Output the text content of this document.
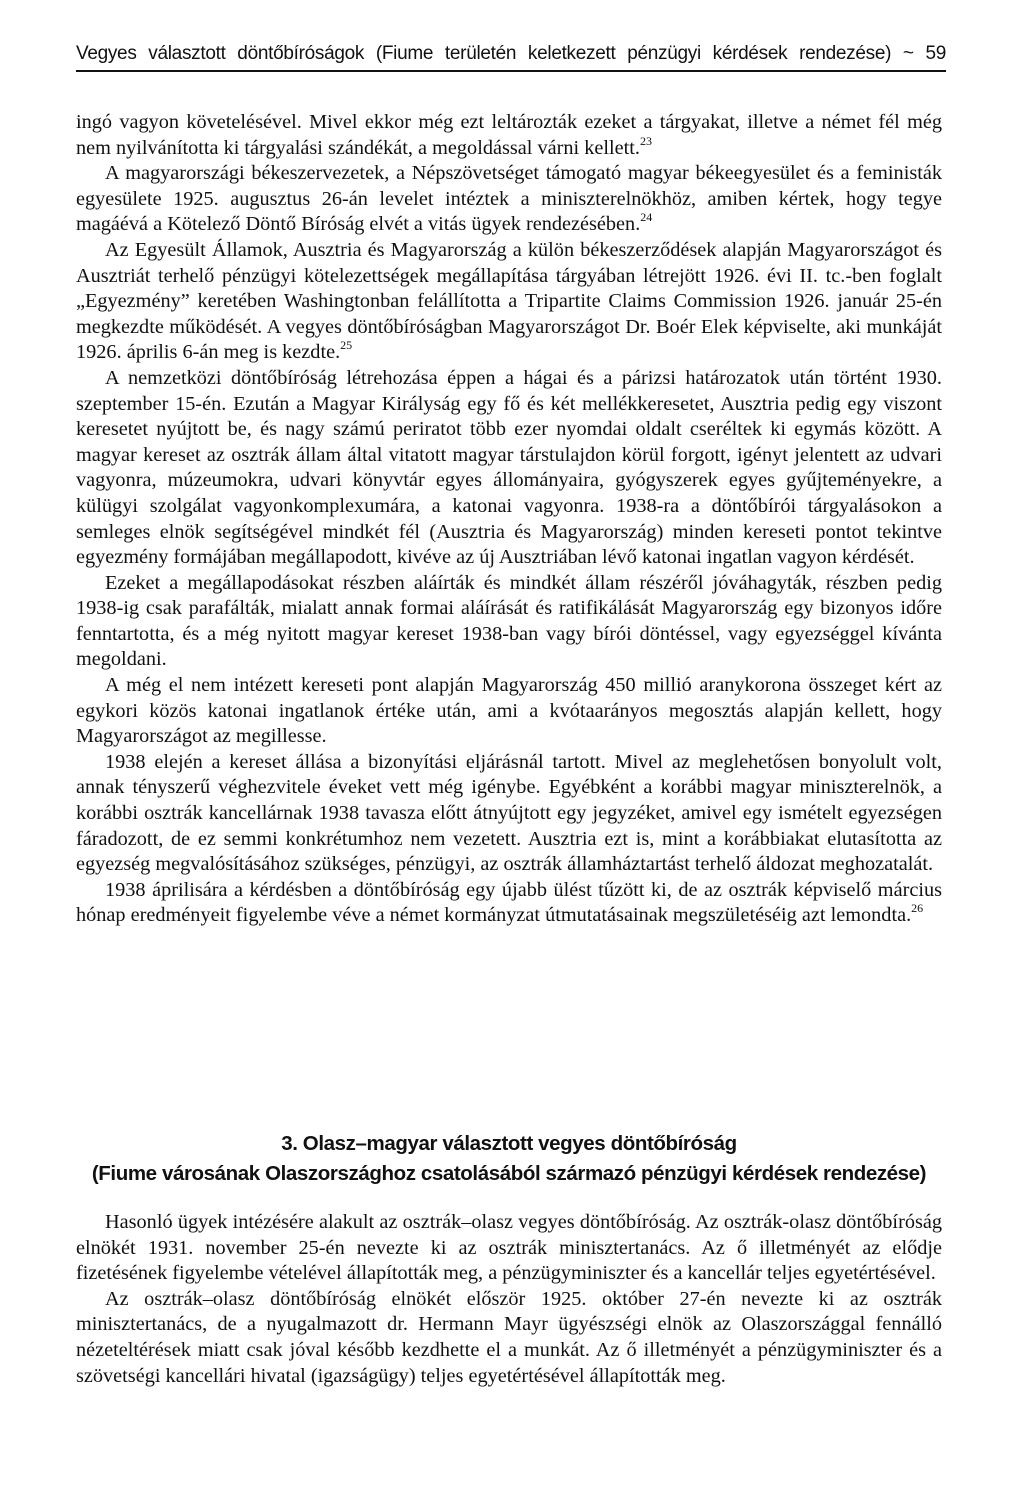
Vegyes választott döntőbíróságok (Fiume területén keletkezett pénzügyi kérdések rendezése) ~ 59

ingó vagyon követelésével. Mivel ekkor még ezt leltározták ezeket a tárgyakat, illetve a német fél még nem nyilvánította ki tárgyalási szándékát, a megoldással várni kellett.$^{23}$

A magyarországi békeszervezetek, a Népszövetséget támogató magyar békeegyesület és a feministák egyesülete 1925. augusztus 26-án levelet intéztek a miniszterelnökhöz, amiben kértek, hogy tegye magáévá a Kötelező Döntő Bíróság elvét a vitás ügyek rendezésében.$^{24}$

Az Egyesült Államok, Ausztria és Magyarország a külön békeszerződések alapján Magyarországot és Ausztriát terhelő pénzügyi kötelezettségek megállapítása tárgyában létrejött 1926. évi II. tc.-ben foglalt „Egyezmény” keretében Washingtonban felállította a Tripartite Claims Commission 1926. január 25-én megkezdte működését. A vegyes döntőbíróságban Magyarországot Dr. Boér Elek képviselte, aki munkáját 1926. április 6-án meg is kezdte.$^{25}$

A nemzetközi döntőbíróság létrehozása éppen a hágai és a párizsi határozatok után történt 1930. szeptember 15-én. Ezután a Magyar Királyság egy fő és két mellékkeresetet, Ausztria pedig egy viszont keresetet nyújtott be, és nagy számú periratot több ezer nyomdai oldalt cseréltek ki egymás között. A magyar kereset az osztrák állam által vitatott magyar társtulajdon körül forgott, igényt jelentett az udvari vagyonra, múzeumokra, udvari könyvtár egyes állományaira, gyógyszerek egyes gyűjteményekre, a külügyi szolgálat vagyonkomplexumára, a katonai vagyonra. 1938-ra a döntőbírói tárgyalásokon a semleges elnök segítségével mindkét fél (Ausztria és Magyarország) minden kereseti pontot tekintve egyezmény formájában megállapodott, kivéve az új Ausztriában lévő katonai ingatlan vagyon kérdését.

Ezeket a megállapodásokat részben aláírták és mindkét állam részéről jóváhagyták, részben pedig 1938-ig csak parafálták, mialatt annak formai aláírását és ratifikálását Magyarország egy bizonyos időre fenntartotta, és a még nyitott magyar kereset 1938-ban vagy bírói döntéssel, vagy egyezséggel kívánta megoldani.

A még el nem intézett kereseti pont alapján Magyarország 450 millió aranykorona összeget kért az egykori közös katonai ingatlanok értéke után, ami a kvótaarányos megosztás alapján kellett, hogy Magyarországot az megillesse.

1938 elején a kereset állása a bizonyítási eljárásnál tartott. Mivel az meglehetősen bonyolult volt, annak tényszerű véghezvitele éveket vett még igénybe. Egyébként a korábbi magyar miniszterelnök, a korábbi osztrák kancellárnak 1938 tavasza előtt átnyújtott egy jegyzéket, amivel egy ismételt egyezségen fáradozott, de ez semmi konkrétumhoz nem vezetett. Ausztria ezt is, mint a korábbiakat elutasította az egyezség megvalósításához szükséges, pénzügyi, az osztrák államháztartást terhelő áldozat meghozatalát.

1938 áprilisára a kérdésben a döntőbíróság egy újabb ülést tűzött ki, de az osztrák képviselő március hónap eredményeit figyelembe véve a német kormányzat útmutatásainak megszületéséig azt lemondta.$^{26}$

3. Olasz–magyar választott vegyes döntőbíróság
(Fiume városának Olaszországhoz csatolásából származó pénzügyi kérdések rendezése)

Hasonló ügyek intézésére alakult az osztrák–olasz vegyes döntőbíróság. Az osztrák-olasz döntőbíróság elnökét 1931. november 25-én nevezte ki az osztrák minisztertanács. Az ő illetményét az elődje fizetésének figyelembe vételével állapították meg, a pénzügyminiszter és a kancellár teljes egyetértésével.

Az osztrák–olasz döntőbíróság elnökét először 1925. október 27-én nevezte ki az osztrák minisztertanács, de a nyugalmazott dr. Hermann Mayr ügyészségi elnök az Olaszországgal fennálló nézeteltérések miatt csak jóval később kezdhette el a munkát. Az ő illetményét a pénzügyminiszter és a szövetségi kancellári hivatal (igazságügy) teljes egyetértésével állapították meg.
